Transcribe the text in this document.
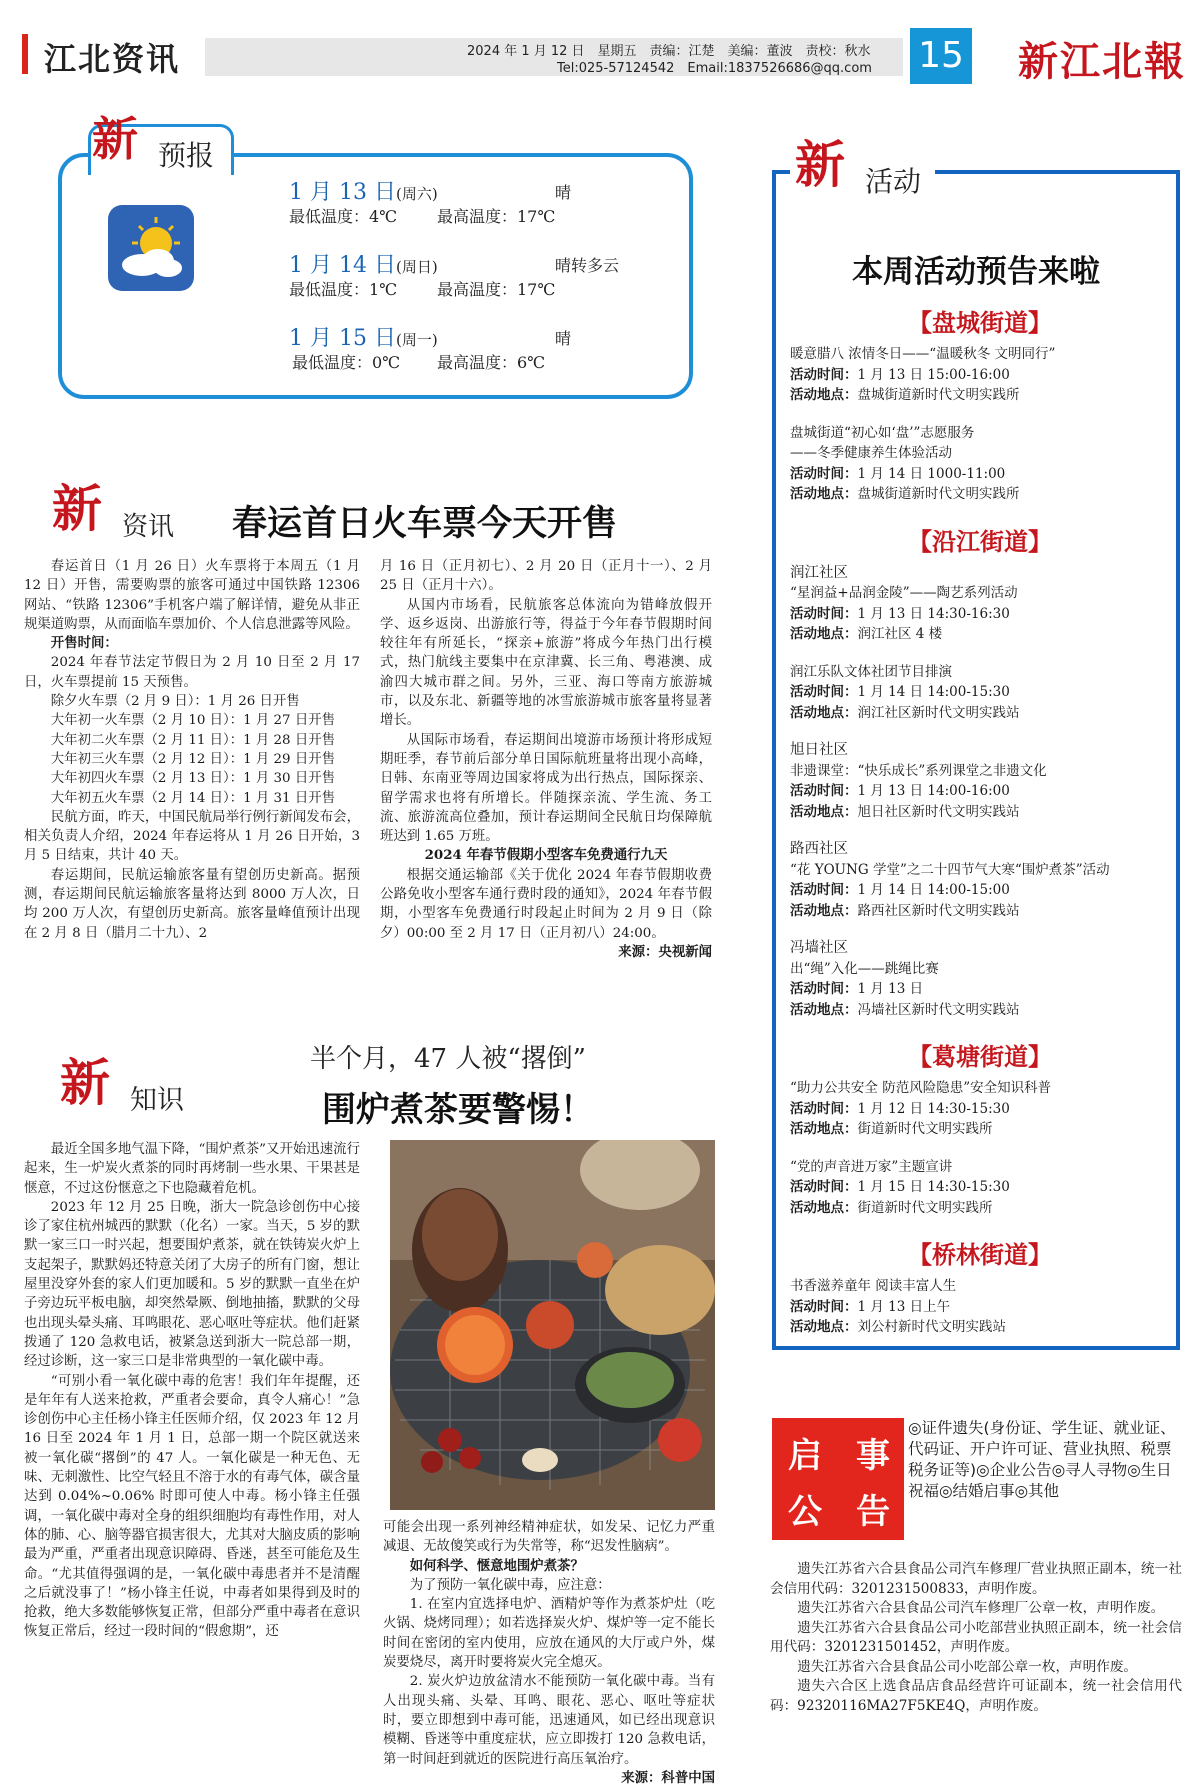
江北资讯	2024 年 1 月 12 日　星期五　责编：江楚　美编：董波　责校：秋水
Tel:025-57124542　Email:1837526686@qq.com 15 新江北報
新 预报
1 月 13 日(周六)	晴
最低温度：4℃ 最高温度：17℃
1 月 14 日(周日)	晴转多云
最低温度：1℃ 最高温度：17℃
1 月 15 日(周一)	晴
最低温度：0℃ 最高温度：6℃
新 资讯 春运首日火车票今天开售

春运首日（1 月 26 日）火车票将于本周五（1 月 12 日）开售，需要购票的旅客可通过中国铁路 12306 网站、“铁路 12306”手机客户端了解详情，避免从非正规渠道购票，从而面临车票加价、个人信息泄露等风险。

开售时间：

2024 年春节法定节假日为 2 月 10 日至 2 月 17 日，火车票提前 15 天预售。

除夕火车票（2 月 9 日）：1 月 26 日开售

大年初一火车票（2 月 10 日）：1 月 27 日开售

大年初二火车票（2 月 11 日）：1 月 28 日开售

大年初三火车票（2 月 12 日）：1 月 29 日开售

大年初四火车票（2 月 13 日）：1 月 30 日开售

大年初五火车票（2 月 14 日）：1 月 31 日开售

民航方面，昨天，中国民航局举行例行新闻发布会，相关负责人介绍，2024 年春运将从 1 月 26 日开始，3 月 5 日结束，共计 40 天。

春运期间，民航运输旅客量有望创历史新高。据预测，春运期间民航运输旅客量将达到 8000 万人次，日均 200 万人次，有望创历史新高。旅客量峰值预计出现在 2 月 8 日（腊月二十九）、2

月 16 日（正月初七）、2 月 20 日（正月十一）、2 月 25 日（正月十六）。

从国内市场看，民航旅客总体流向为错峰放假开学、返乡返岗、出游旅行等，得益于今年春节假期时间较往年有所延长，“探亲+旅游”将成今年热门出行模式，热门航线主要集中在京津冀、长三角、粤港澳、成渝四大城市群之间。另外，三亚、海口等南方旅游城市，以及东北、新疆等地的冰雪旅游城市旅客量将显著增长。

从国际市场看，春运期间出境游市场预计将形成短期旺季，春节前后部分单日国际航班量将出现小高峰，日韩、东南亚等周边国家将成为出行热点，国际探亲、留学需求也将有所增长。伴随探亲流、学生流、务工流、旅游流高位叠加，预计春运期间全民航日均保障航班达到 1.65 万班。

2024 年春节假期小型客车免费通行九天

根据交通运输部《关于优化 2024 年春节假期收费公路免收小型客车通行费时段的通知》，2024 年春节假期，小型客车免费通行时段起止时间为 2 月 9 日（除夕）00:00 至 2 月 17 日（正月初八）24:00。

来源：央视新闻

新 知识
半个月，47 人被“撂倒”
围炉煮茶要警惕！

最近全国多地气温下降，“围炉煮茶”又开始迅速流行起来，生一炉炭火煮茶的同时再烤制一些水果、干果甚是惬意，不过这份惬意之下也隐藏着危机。

2023 年 12 月 25 日晚，浙大一院急诊创伤中心接诊了家住杭州城西的默默（化名）一家。当天，5 岁的默默一家三口一时兴起，想要围炉煮茶，就在铁铸炭火炉上支起架子，默默妈还特意关闭了大房子的所有门窗，想让屋里没穿外套的家人们更加暖和。5 岁的默默一直坐在炉子旁边玩平板电脑，却突然晕厥、倒地抽搐，默默的父母也出现头晕头痛、耳鸣眼花、恶心呕吐等症状。他们赶紧拨通了 120 急救电话，被紧急送到浙大一院总部一期，经过诊断，这一家三口是非常典型的一氧化碳中毒。

“可别小看一氧化碳中毒的危害！我们年年提醒，还是年年有人送来抢救，严重者会要命，真令人痛心！”急诊创伤中心主任杨小锋主任医师介绍，仅 2023 年 12 月 16 日至 2024 年 1 月 1 日，总部一期一个院区就送来被一氧化碳“撂倒”的 47 人。一氧化碳是一种无色、无味、无刺激性、比空气轻且不溶于水的有毒气体，碳含量达到 0.04%~0.06% 时即可使人中毒。杨小锋主任强调，一氧化碳中毒对全身的组织细胞均有毒性作用，对人体的肺、心、脑等器官损害很大，尤其对大脑皮质的影响最为严重，严重者出现意识障碍、昏迷，甚至可能危及生命。“尤其值得强调的是，一氧化碳中毒患者并不是清醒之后就没事了！”杨小锋主任说，中毒者如果得到及时的抢救，绝大多数能够恢复正常，但部分严重中毒者在意识恢复正常后，经过一段时间的“假愈期”，还

可能会出现一系列神经精神症状，如发呆、记忆力严重减退、无故傻笑或行为失常等，称“迟发性脑病”。

如何科学、惬意地围炉煮茶？

为了预防一氧化碳中毒，应注意：

1. 在室内宜选择电炉、酒精炉等作为煮茶炉灶（吃火锅、烧烤同理）；如若选择炭火炉、煤炉等一定不能长时间在密闭的室内使用，应放在通风的大厅或户外，煤炭要烧尽，离开时要将炭火完全熄灭。

2. 炭火炉边放盆清水不能预防一氧化碳中毒。当有人出现头痛、头晕、耳鸣、眼花、恶心、呕吐等症状时，要立即想到中毒可能，迅速通风，如已经出现意识模糊、昏迷等中重度症状，应立即拨打 120 急救电话，第一时间赶到就近的医院进行高压氧治疗。

来源：科普中国

新 活动
本周活动预告来啦
【盘城街道】
暖意腊八 浓情冬日——“温暖秋冬 文明同行”
活动时间：1 月 13 日 15:00-16:00
活动地点：盘城街道新时代文明实践所
盘城街道“初心如‘盘’”志愿服务
——冬季健康养生体验活动
活动时间：1 月 14 日 1000-11:00
活动地点：盘城街道新时代文明实践所
【沿江街道】
润江社区
“星润益+品润金陵”——陶艺系列活动
活动时间：1 月 13 日 14:30-16:30
活动地点：润江社区 4 楼
润江乐队文体社团节目排演
活动时间：1 月 14 日 14:00-15:30
活动地点：润江社区新时代文明实践站
旭日社区
非遗课堂：“快乐成长”系列课堂之非遗文化
活动时间：1 月 13 日 14:00-16:00
活动地点：旭日社区新时代文明实践站
路西社区
“花 YOUNG 学堂”之二十四节气大寒“围炉煮茶”活动
活动时间：1 月 14 日 14:00-15:00
活动地点：路西社区新时代文明实践站
冯墙社区
出“绳”入化——跳绳比赛
活动时间：1 月 13 日
活动地点：冯墙社区新时代文明实践站
【葛塘街道】
“助力公共安全 防范风险隐患”安全知识科普
活动时间：1 月 12 日 14:30-15:30
活动地点：街道新时代文明实践所
“党的声音进万家”主题宣讲
活动时间：1 月 15 日 14:30-15:30
活动地点：街道新时代文明实践所
【桥林街道】
书香滋养童年 阅读丰富人生
活动时间：1 月 13 日上午
活动地点：刘公村新时代文明实践站
启　事
公　告
◎证件遗失(身份证、学生证、就业证、代码证、开户许可证、营业执照、税票税务证等)◎企业公告◎寻人寻物◎生日祝福◎结婚启事◎其他

遗失江苏省六合县食品公司汽车修理厂营业执照正副本，统一社会信用代码：3201231500833，声明作废。

遗失江苏省六合县食品公司汽车修理厂公章一枚，声明作废。

遗失江苏省六合县食品公司小吃部营业执照正副本，统一社会信用代码：3201231501452，声明作废。

遗失江苏省六合县食品公司小吃部公章一枚，声明作废。

遗失六合区上选食品店食品经营许可证副本，统一社会信用代码：92320116MA27F5KE4Q，声明作废。
